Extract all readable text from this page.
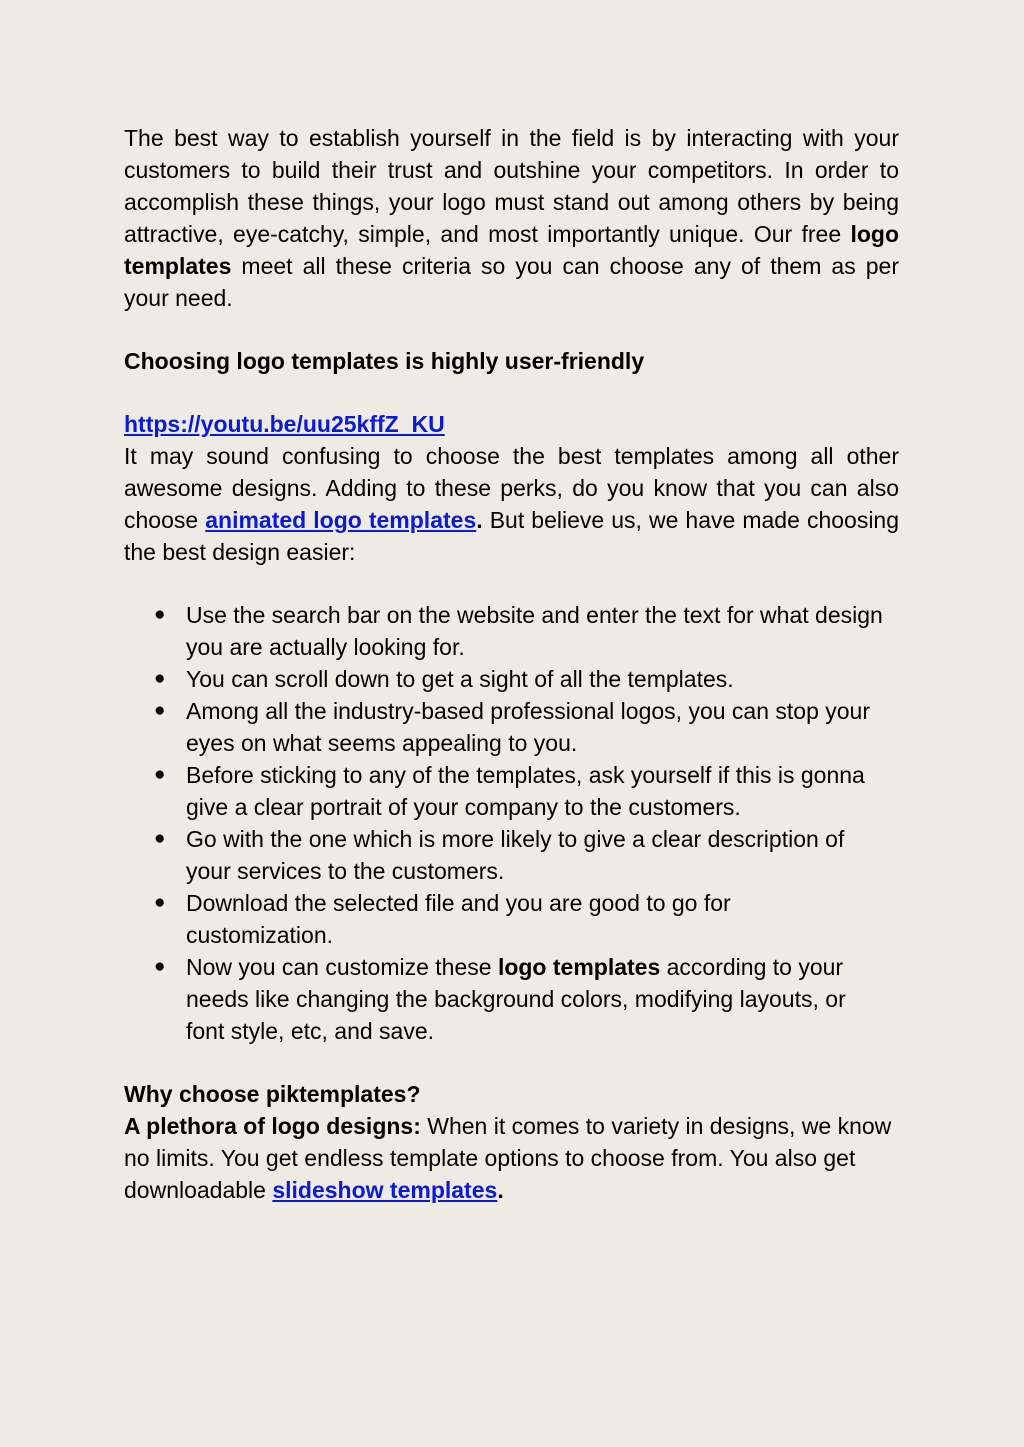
The best way to establish yourself in the field is by interacting with your customers to build their trust and outshine your competitors. In order to accomplish these things, your logo must stand out among others by being attractive, eye-catchy, simple, and most importantly unique. Our free logo templates meet all these criteria so you can choose any of them as per your need.

Choosing logo templates is highly user-friendly

https://youtu.be/uu25kffZ_KU

It may sound confusing to choose the best templates among all other awesome designs. Adding to these perks, do you know that you can also choose animated logo templates. But believe us, we have made choosing the best design easier:

● Use the search bar on the website and enter the text for what design you are actually looking for.
● You can scroll down to get a sight of all the templates.
● Among all the industry-based professional logos, you can stop your eyes on what seems appealing to you.
● Before sticking to any of the templates, ask yourself if this is gonna give a clear portrait of your company to the customers.
● Go with the one which is more likely to give a clear description of your services to the customers.
● Download the selected file and you are good to go for customization.
● Now you can customize these logo templates according to your needs like changing the background colors, modifying layouts, or font style, etc, and save.

Why choose piktemplates?

A plethora of logo designs: When it comes to variety in designs, we know no limits. You get endless template options to choose from. You also get downloadable slideshow templates.
